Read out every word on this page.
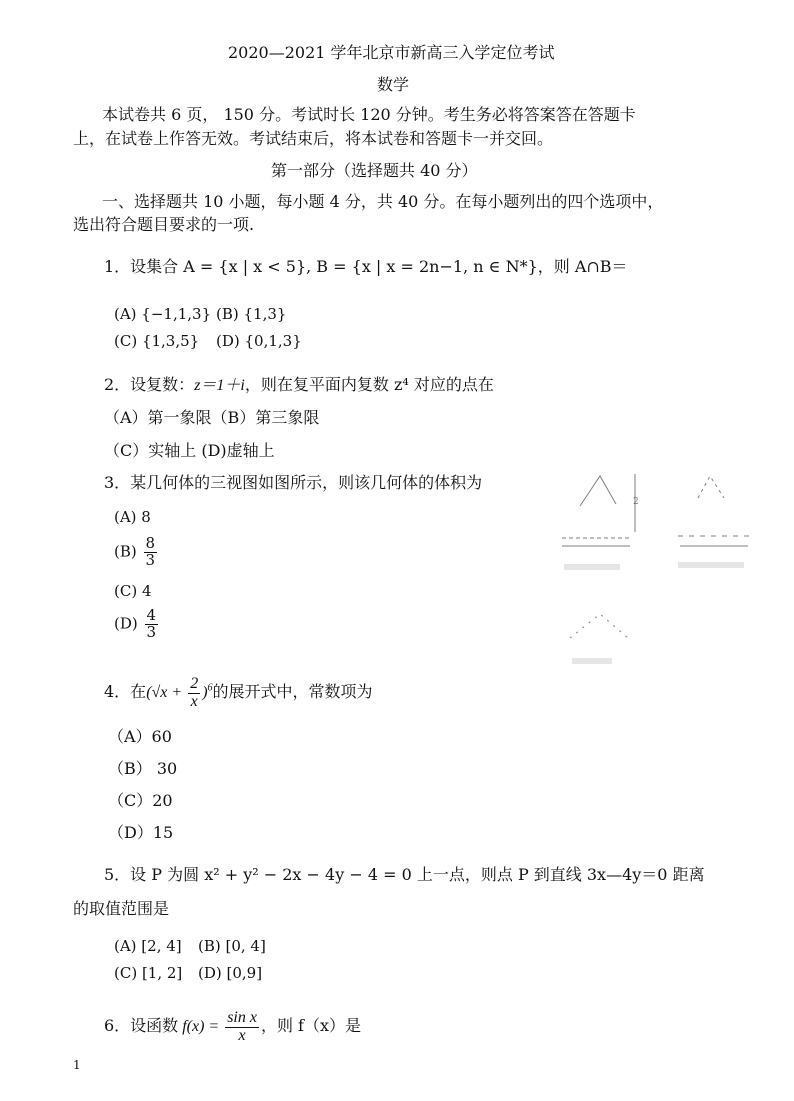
2020—2021 学年北京市新高三入学定位考试
数学
本试卷共 6 页， 150 分。考试时长 120 分钟。考生务必将答案答在答题卡
上，在试卷上作答无效。考试结束后，将本试卷和答题卡一并交回。
第一部分（选择题共 40 分）
一、选择题共 10 小题，每小题 4 分，共 40 分。在每小题列出的四个选项中，
选出符合题目要求的一项.
1．设集合 A = {x | x < 5}, B = {x | x = 2n−1, n ∈ N*}，则 A∩B＝
(A) {−1,1,3} (B) {1,3}
(C) {1,3,5} (D) {0,1,3}
2．设复数：z＝1＋i，则在复平面内复数 z⁴ 对应的点在
（A）第一象限（B）第三象限
（C）实轴上 (D)虚轴上
3．某几何体的三视图如图所示，则该几何体的体积为
(A) 8
$(B) \frac{8}{3}$
(C) 4
$(D) \frac{4}{3}$
2
4．在$(√x + \frac{2}{x} )^6$的展开式中，常数项为
（A）60
（B） 30
（C）20
（D）15
5．设 P 为圆 x² + y² − 2x − 4y − 4 = 0 上一点，则点 P 到直线 3x—4y＝0 距离
的取值范围是
(A) [2, 4] (B) [0, 4]
(C) [1, 2] (D) [0,9]
6．设函数 $f(x) = \frac{\text{sin x}}{x}$ ，则 f（x）是
1
